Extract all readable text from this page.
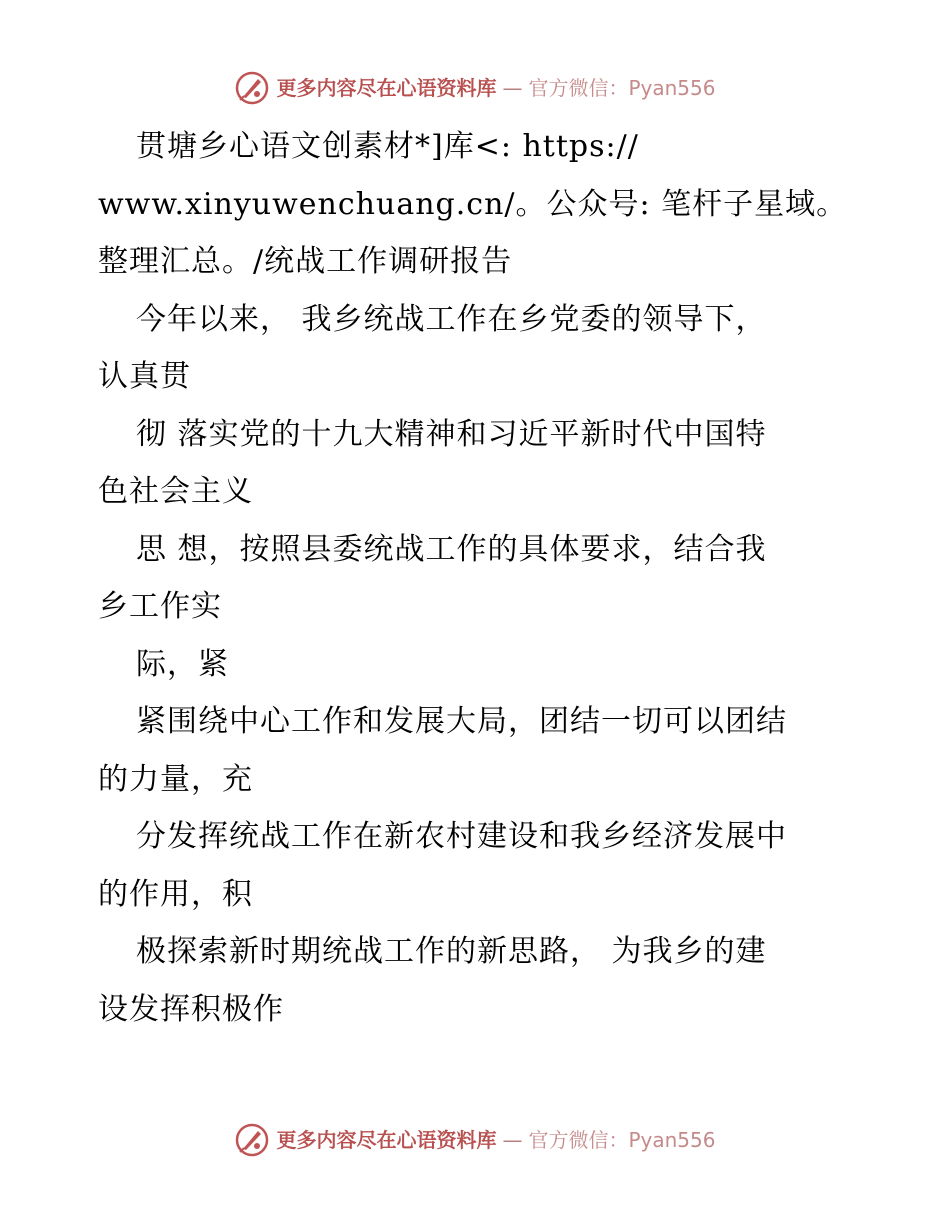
更多内容尽在心语资料库 — 官方微信：Pyan556
贯塘乡心语文创素材*]库<: https://
www.xinyuwenchuang.cn/。公众号: 笔杆子星域。
整理汇总。/统战工作调研报告
今年以来， 我乡统战工作在乡党委的领导下，
认真贯
彻 落实党的十九大精神和习近平新时代中国特
色社会主义
思 想，按照县委统战工作的具体要求，结合我
乡工作实
际，紧
紧围绕中心工作和发展大局，团结一切可以团结
的力量，充
分发挥统战工作在新农村建设和我乡经济发展中
的作用，积
极探索新时期统战工作的新思路， 为我乡的建
设发挥积极作
更多内容尽在心语资料库 — 官方微信：Pyan556
